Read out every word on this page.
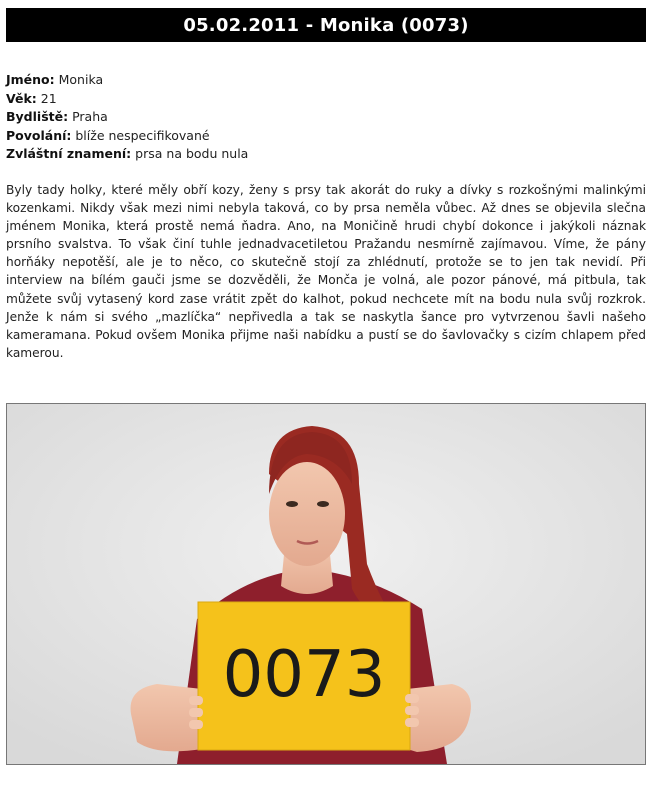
05.02.2011 - Monika (0073)
Jméno: Monika
Věk: 21
Bydliště: Praha
Povolání: blíže nespecifikované
Zvláštní znamení: prsa na bodu nula

Byly tady holky, které měly obří kozy, ženy s prsy tak akorát do ruky a dívky s rozkošnými malinkými kozenkami. Nikdy však mezi nimi nebyla taková, co by prsa neměla vůbec. Až dnes se objevila slečna jménem Monika, která prostě nemá ňadra. Ano, na Moničině hrudi chybí dokonce i jakýkoli náznak prsního svalstva. To však činí tuhle jednadvacetiletou Pražandu nesmírně zajímavou. Víme, že pány horňáky nepotěší, ale je to něco, co skutečně stojí za zhlédnutí, protože se to jen tak nevidí. Při interview na bílém gauči jsme se dozvěděli, že Monča je volná, ale pozor pánové, má pitbula, tak můžete svůj vytasený kord zase vrátit zpět do kalhot, pokud nechcete mít na bodu nula svůj rozkrok. Jenže k nám si svého „mazlíčka“ nepřivedla a tak se naskytla šance pro vytvrzenou šavli našeho kameramana. Pokud ovšem Monika přijme naši nabídku a pustí se do šavlovačky s cizím chlapem před kamerou.

0073
